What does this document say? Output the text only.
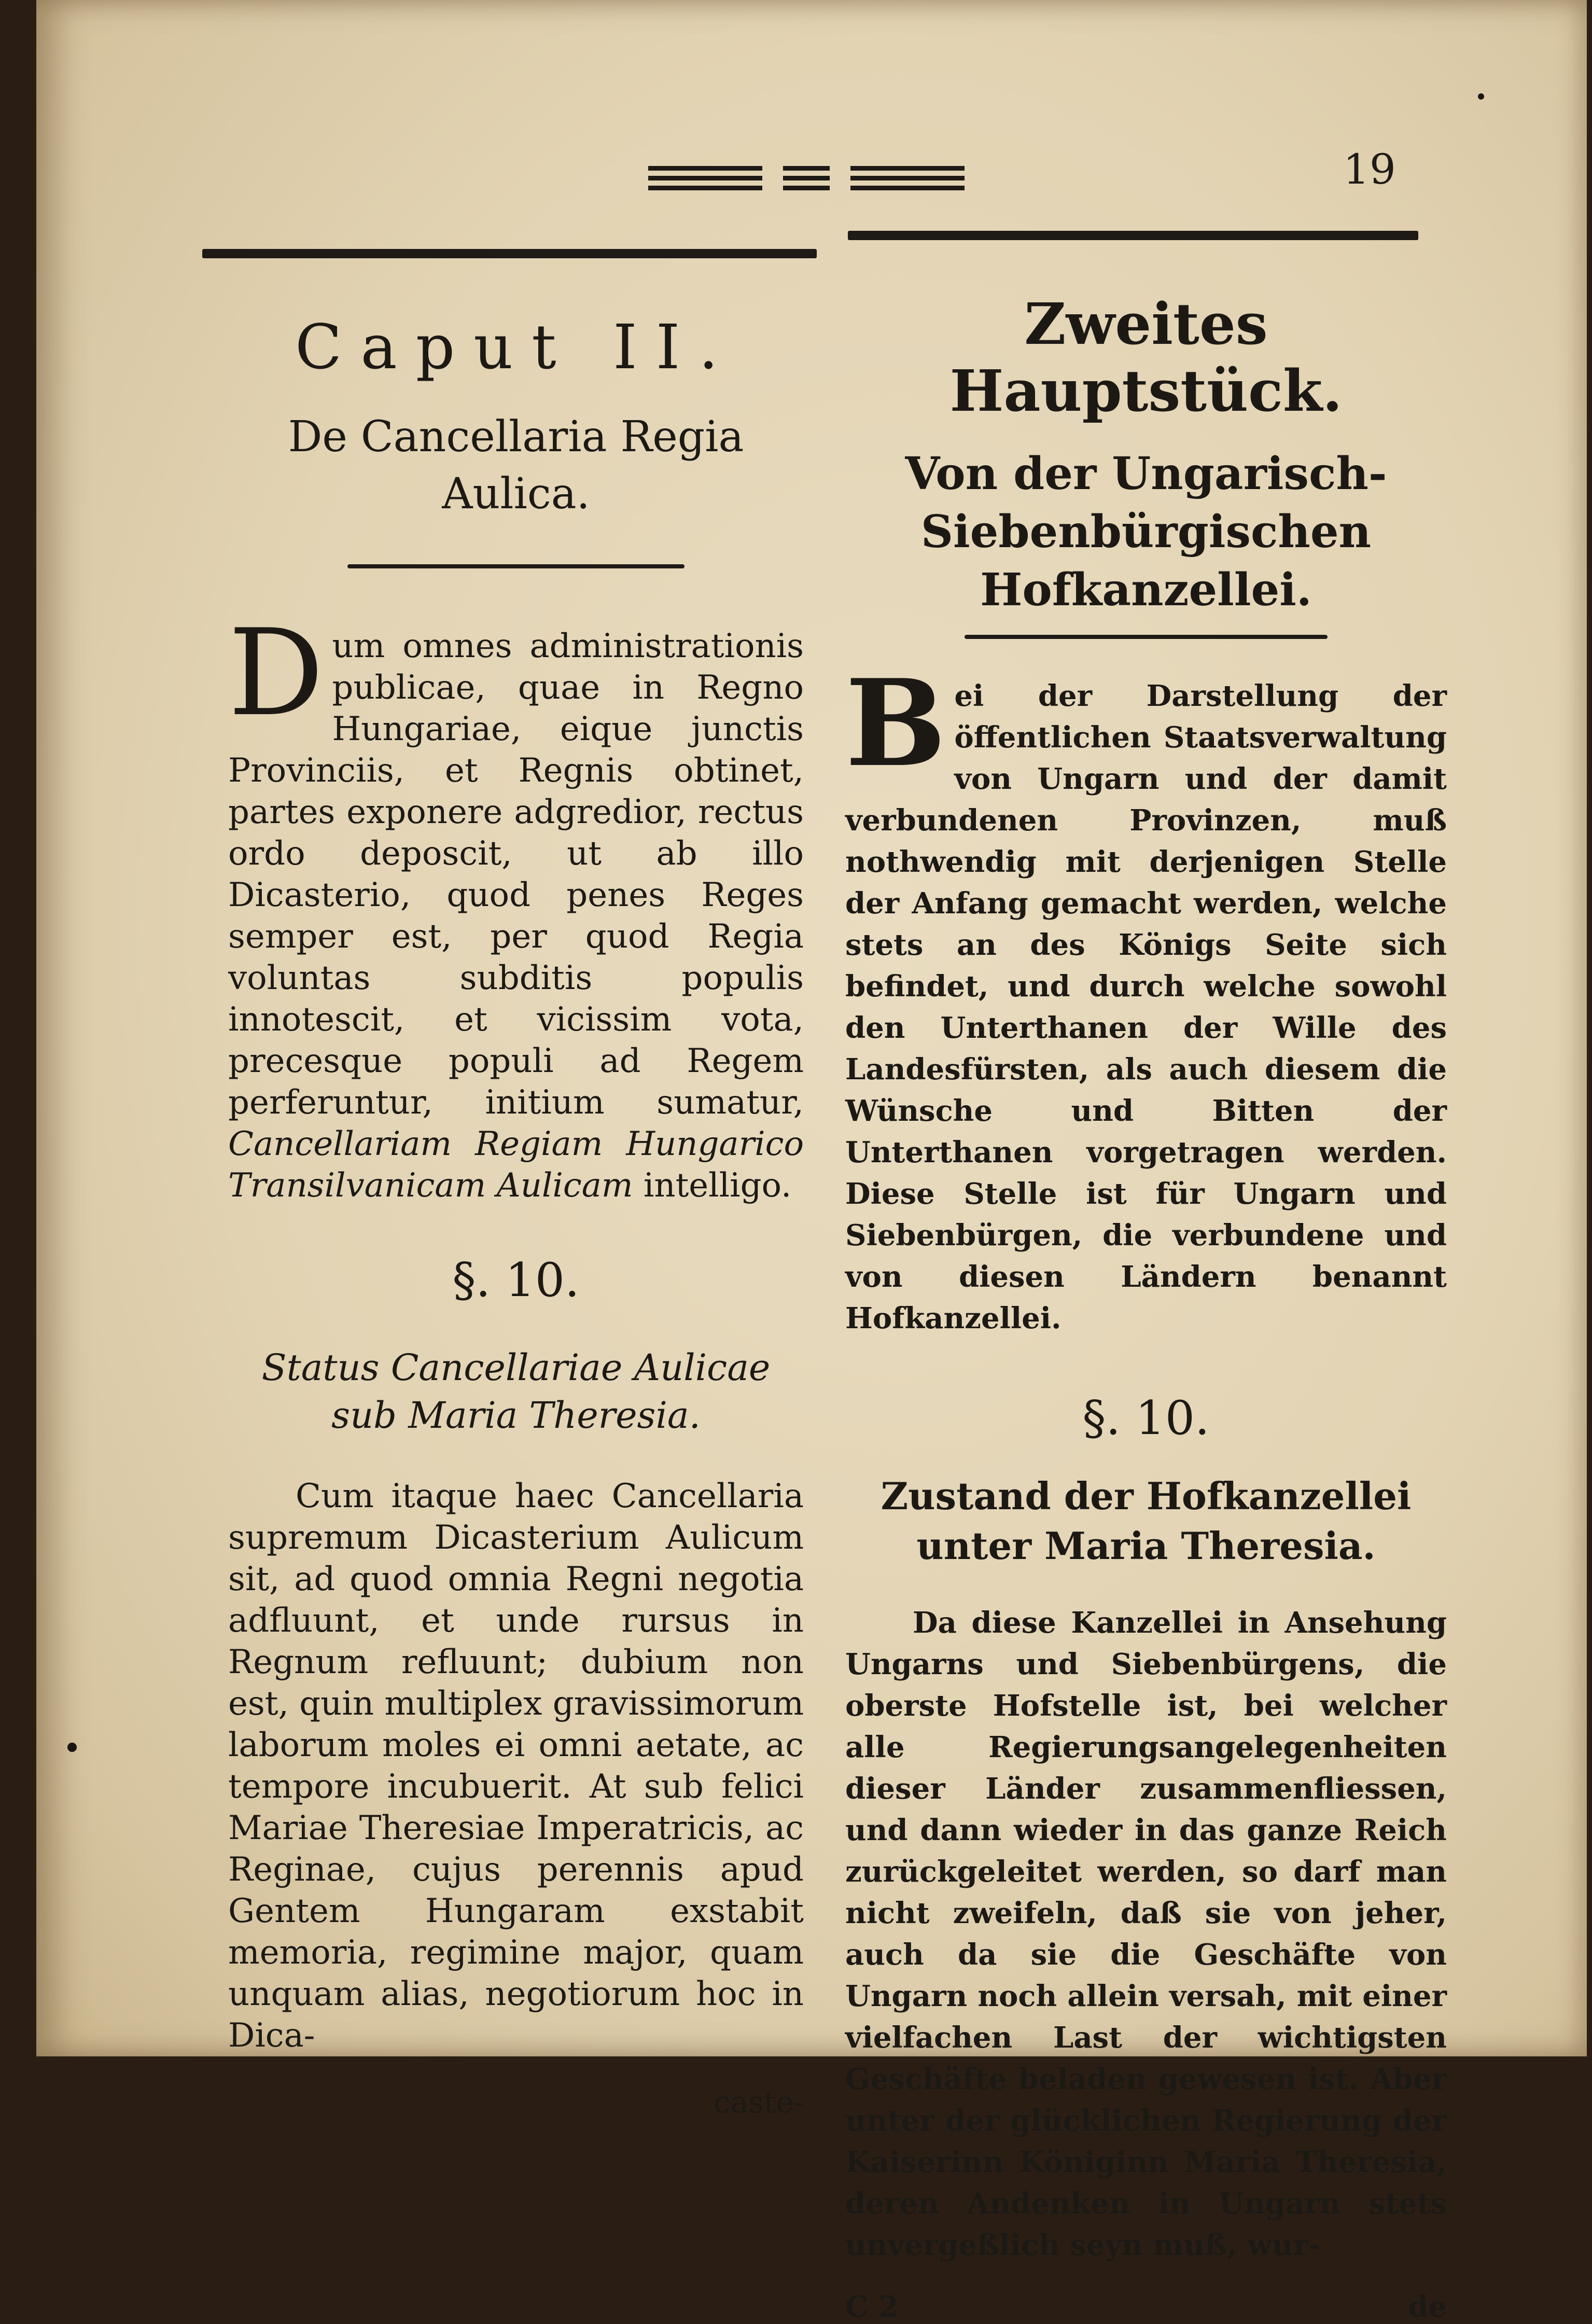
19
Caput II.
De Cancellaria Regia Aulica.

D um omnes administrationis publicae, quae in Regno Hungariae, eique junctis Provinciis, et Regnis obtinet, partes exponere adgredior, rectus ordo deposcit, ut ab illo Dicasterio, quod penes Reges semper est, per quod Regia voluntas subditis populis innotescit, et vicissim vota, precesque populi ad Regem perferuntur, initium sumatur, Cancellariam Regiam Hungarico Transilvanicam Aulicam intelligo.

§. 10.
Status Cancellariae Aulicae sub Maria Theresia.

Cum itaque haec Cancellaria supremum Dicasterium Aulicum sit, ad quod omnia Regni negotia adfluunt, et unde rursus in Regnum refluunt; dubium non est, quin multiplex gravissimorum laborum moles ei omni aetate, ac tempore incubuerit. At sub felici Mariae Theresiae Imperatricis, ac Reginae, cujus perennis apud Gentem Hungaram exstabit memoria, regimine major, quam unquam alias, negotiorum hoc in Dica-

caste-
Zweites Hauptstück.
Von der Ungarisch-Siebenbürgischen Hofkanzellei.

B ei der Darstellung der öffentlichen Staatsverwaltung von Ungarn und der damit verbundenen Provinzen, muß nothwendig mit derjenigen Stelle der Anfang gemacht werden, welche stets an des Königs Seite sich befindet, und durch welche sowohl den Unterthanen der Wille des Landesfürsten, als auch diesem die Wünsche und Bitten der Unterthanen vorgetragen werden. Diese Stelle ist für Ungarn und Siebenbürgen, die verbundene und von diesen Ländern benannt Hofkanzellei.

§. 10.
Zustand der Hofkanzellei unter Maria Theresia.

Da diese Kanzellei in Ansehung Ungarns und Siebenbürgens, die oberste Hofstelle ist, bei welcher alle Regierungsangelegenheiten dieser Länder zusammenfliessen, und dann wieder in das ganze Reich zurückgeleitet werden, so darf man nicht zweifeln, daß sie von jeher, auch da sie die Geschäfte von Ungarn noch allein versah, mit einer vielfachen Last der wichtigsten Geschäfte beladen gewesen ist. Aber unter der glücklichen Regierung der Kaiserinn Königinn Maria Theresia, deren Andenken in Ungarn stets unvergeßlich seyn muß, wur-

C 2	de
